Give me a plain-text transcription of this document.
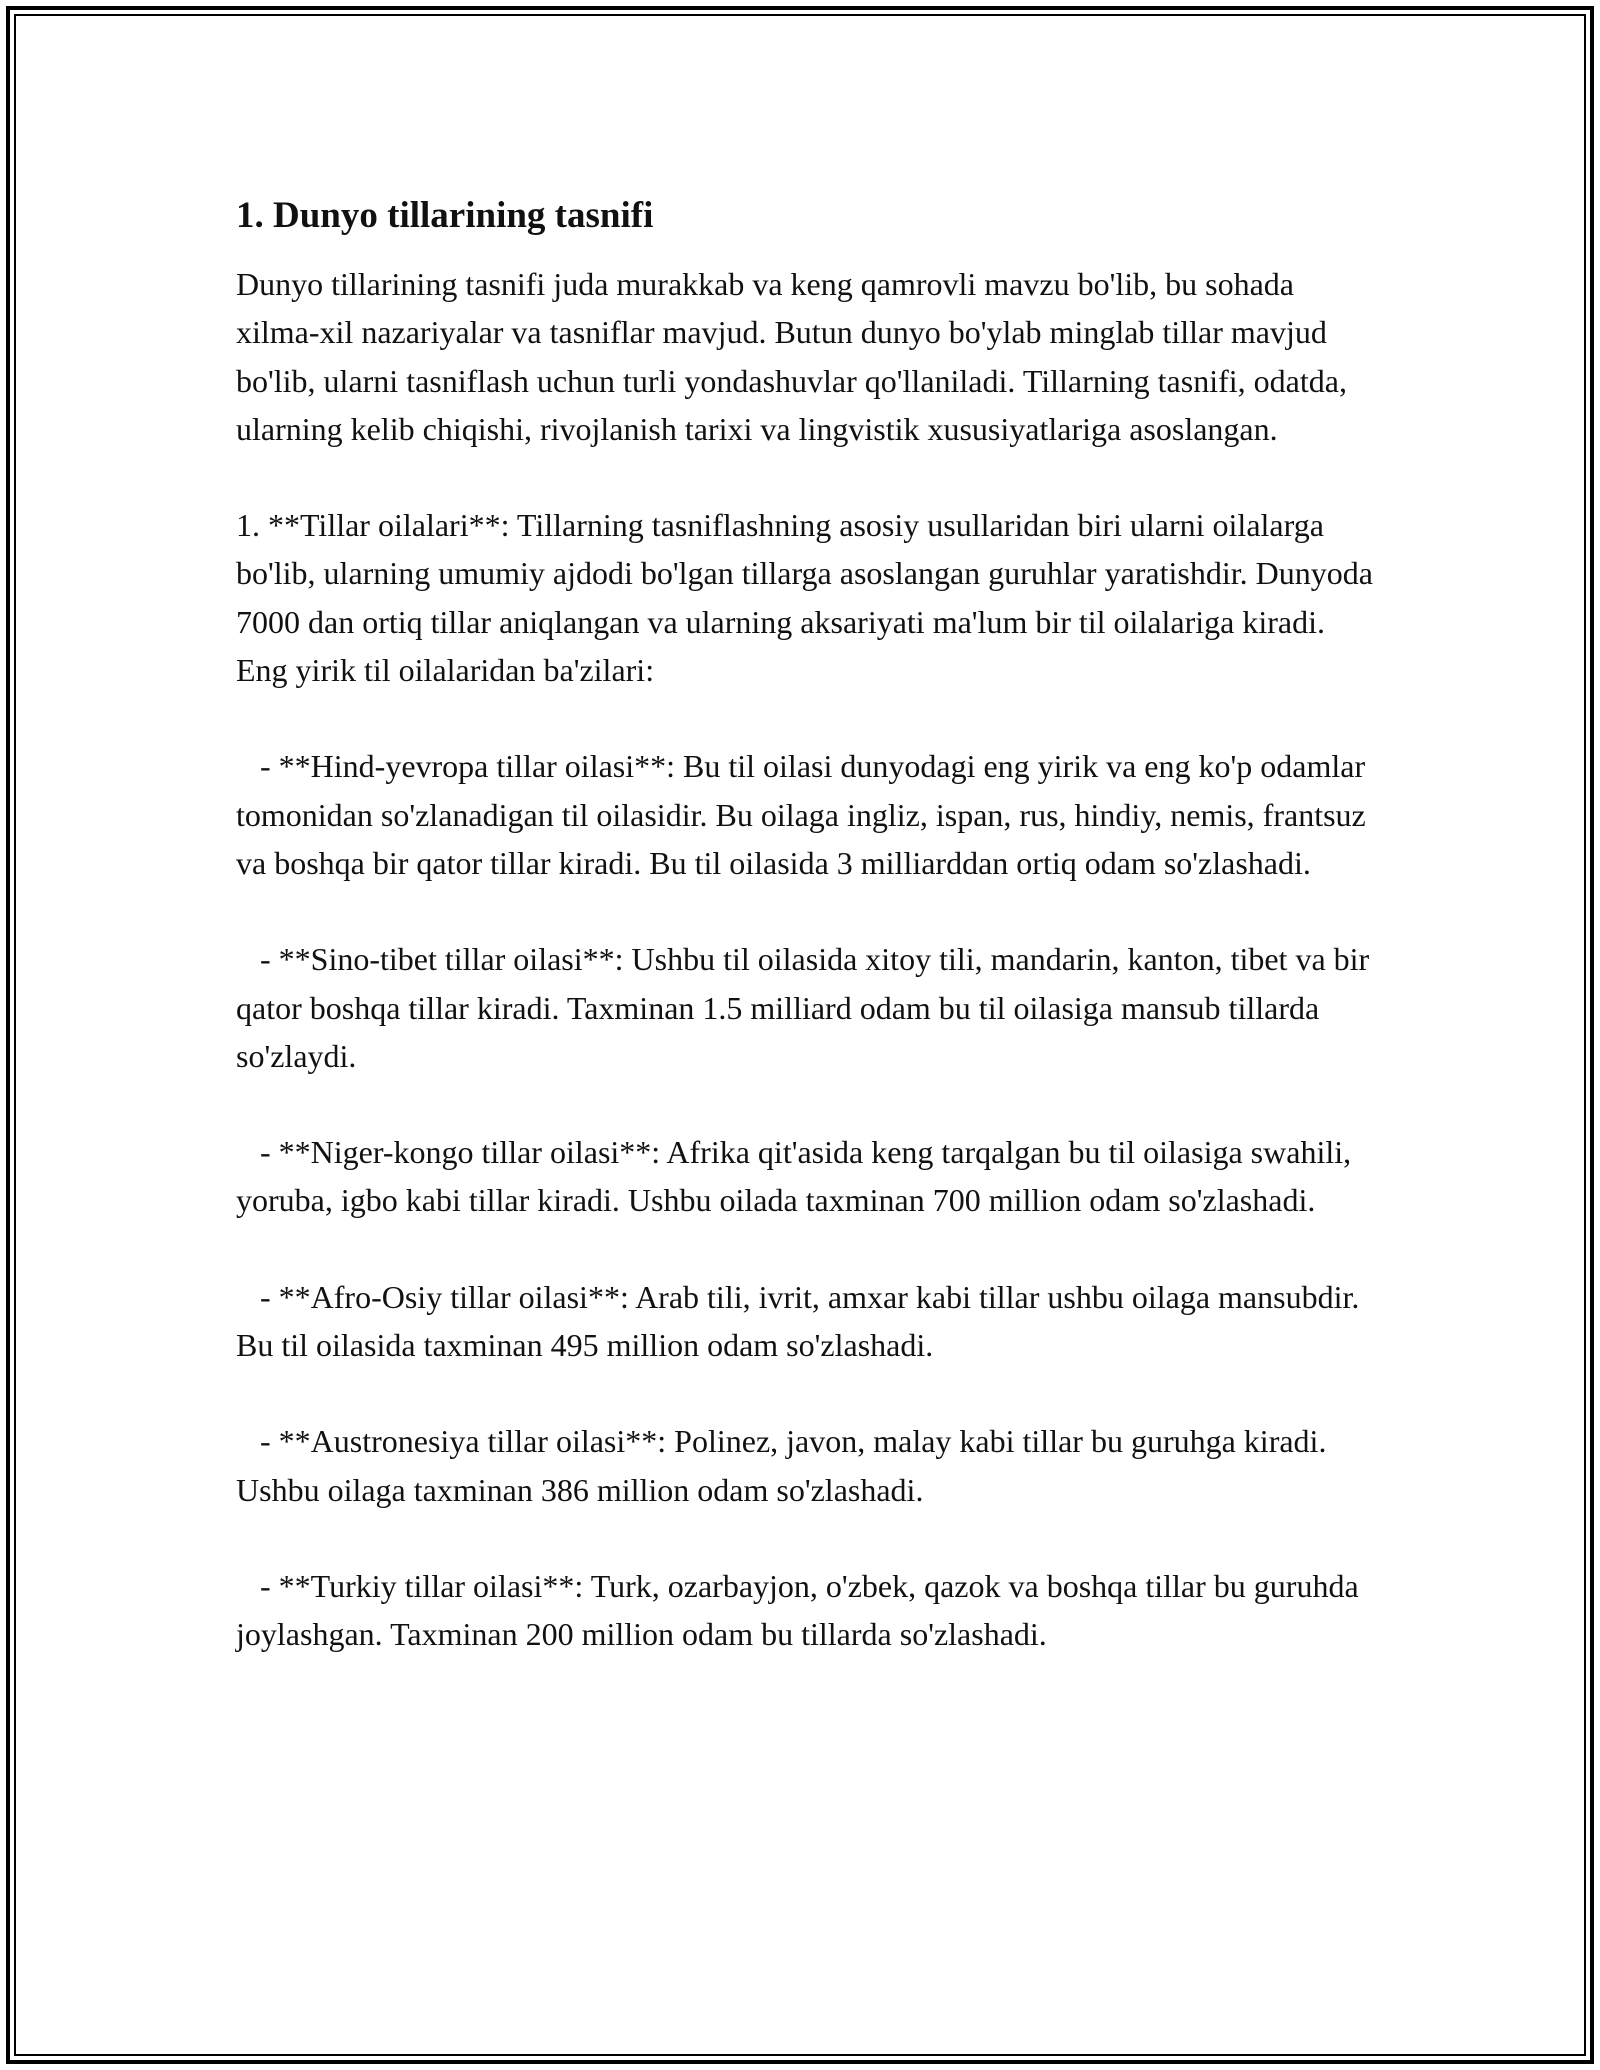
1. Dunyo tillarining tasnifi

Dunyo tillarining tasnifi juda murakkab va keng qamrovli mavzu bo'lib, bu sohada xilma-xil nazariyalar va tasniflar mavjud. Butun dunyo bo'ylab minglab tillar mavjud bo'lib, ularni tasniflash uchun turli yondashuvlar qo'llaniladi. Tillarning tasnifi, odatda, ularning kelib chiqishi, rivojlanish tarixi va lingvistik xususiyatlariga asoslangan.

1. **Tillar oilalari**: Tillarning tasniflashning asosiy usullaridan biri ularni oilalarga bo'lib, ularning umumiy ajdodi bo'lgan tillarga asoslangan guruhlar yaratishdir. Dunyoda 7000 dan ortiq tillar aniqlangan va ularning aksariyati ma'lum bir til oilalariga kiradi. Eng yirik til oilalaridan ba'zilari:

- **Hind-yevropa tillar oilasi**: Bu til oilasi dunyodagi eng yirik va eng ko'p odamlar tomonidan so'zlanadigan til oilasidir. Bu oilaga ingliz, ispan, rus, hindiy, nemis, frantsuz va boshqa bir qator tillar kiradi. Bu til oilasida 3 milliarddan ortiq odam so'zlashadi.

- **Sino-tibet tillar oilasi**: Ushbu til oilasida xitoy tili, mandarin, kanton, tibet va bir qator boshqa tillar kiradi. Taxminan 1.5 milliard odam bu til oilasiga mansub tillarda so'zlaydi.

- **Niger-kongo tillar oilasi**: Afrika qit'asida keng tarqalgan bu til oilasiga swahili, yoruba, igbo kabi tillar kiradi. Ushbu oilada taxminan 700 million odam so'zlashadi.

- **Afro-Osiy tillar oilasi**: Arab tili, ivrit, amxar kabi tillar ushbu oilaga mansubdir. Bu til oilasida taxminan 495 million odam so'zlashadi.

- **Austronesiya tillar oilasi**: Polinez, javon, malay kabi tillar bu guruhga kiradi. Ushbu oilaga taxminan 386 million odam so'zlashadi.

- **Turkiy tillar oilasi**: Turk, ozarbayjon, o'zbek, qazok va boshqa tillar bu guruhda joylashgan. Taxminan 200 million odam bu tillarda so'zlashadi.
